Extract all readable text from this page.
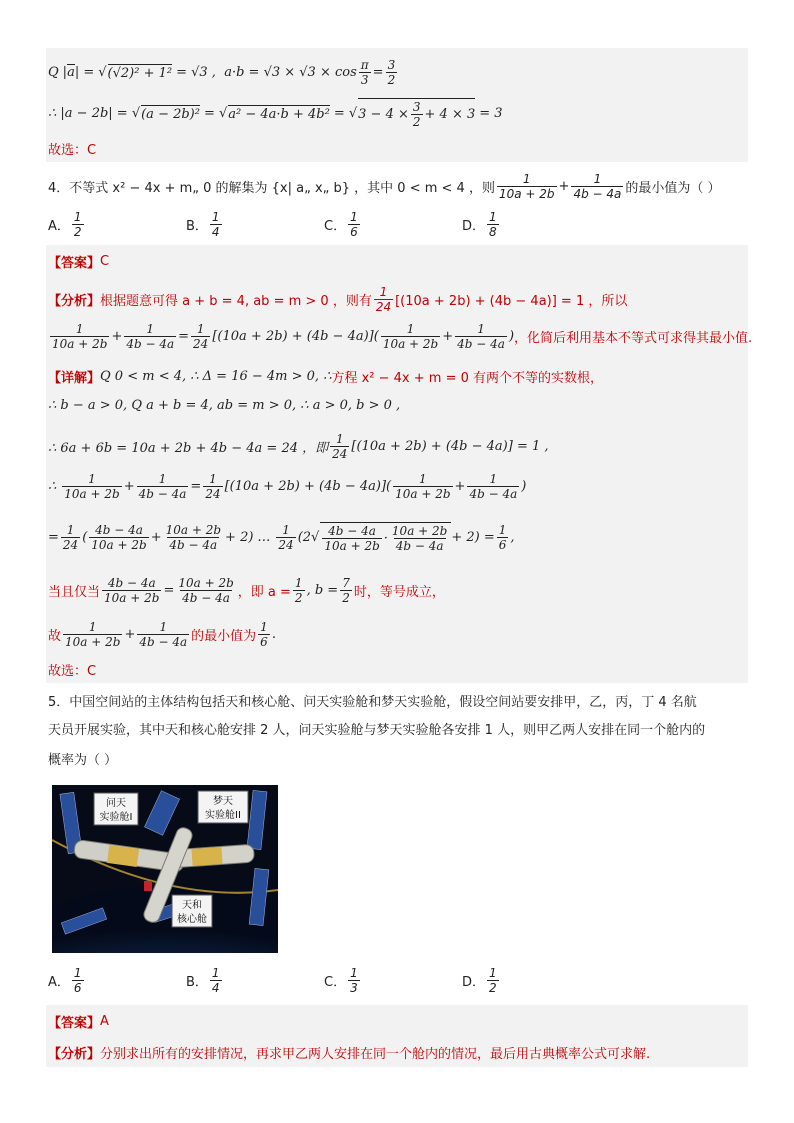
Q |a| = √ (√2)² + 1² = √3 ,  $a\cdot b = √3 \times √3 \times \cos \frac{\pi}{3} = \frac{3}{2}$
∴ |a − 2b| = √ (a − 2b)² = √ a² − 4a·b + 4b² = √ $3 - 4 \times \frac{3}{2} + 4 \times 3 = 3$
故选：C
4．不等式 x² − 4x + m„ 0 的解集为 {x| a„ x„ b} ，其中 0 < m < 4 ，则 $\frac{1}{10a + 2b} + \frac{1}{4b - 4a}$ 的最小值为（ ）
A． $\frac{1}{2}$	B． $\frac{1}{4}$	C． $\frac{1}{6}$	D． $\frac{1}{8}$
【答案】 C
【分析】 根据题意可得 a + b = 4, ab = m > 0 ，则有 $\frac{1}{24} [(10a + 2b) + (4b - 4a)] = 1$ ，所以
$\frac{1}{10a + 2b} + \frac{1}{4b - 4a} = \frac{1}{24} [(10a + 2b) + (4b - 4a)]$ ( $\frac{1}{10a + 2b} + \frac{1}{4b - 4a}$ ) ，化简后利用基本不等式可求得其最小值.
【详解】 Q 0 < m < 4, ∴ Δ = 16 − 4m > 0, ∴ 方程 x² − 4x + m = 0 有两个不等的实数根，
∴ b − a > 0, Q a + b = 4, ab = m > 0, ∴ a > 0, b > 0 ,
∴ 6a + 6b = 10a + 2b + 4b − 4a = 24 ，即 $\frac{1}{24} [(10a + 2b) + (4b - 4a)] = 1$ ,
∴ $\frac{1}{10a + 2b} + \frac{1}{4b - 4a} = \frac{1}{24} [(10a + 2b) + (4b - 4a)]$ ( $\frac{1}{10a + 2b} + \frac{1}{4b - 4a}$ )
= $\frac{1}{24}$ ( $\frac{4b - 4a}{10a + 2b} + \frac{10a + 2b}{4b - 4a} + 2$) … $\frac{1}{24} (2√ \frac{4b - 4a}{10a + 2b} \cdot \frac{10a + 2b}{4b - 4a} + 2) = \frac{1}{6}$ ,
当且仅当 $\frac{4b - 4a}{10a + 2b} = \frac{10a + 2b}{4b - 4a}$ ，即 $a = \frac{1}{2}$ , $b = \frac{7}{2}$ 时，等号成立，
故 $\frac{1}{10a + 2b} + \frac{1}{4b - 4a}$ 的最小值为 $\frac{1}{6}$ .
故选：C
5．中国空间站的主体结构包括天和核心舱、问天实验舱和梦天实验舱，假设空间站要安排甲，乙，丙，丁 4 名航
天员开展实验，其中天和核心舱安排 2 人，问天实验舱与梦天实验舱各安排 1 人，则甲乙两人安排在同一个舱内的
概率为（ ）
问天
实验舱I
梦天
实验舱II
天和
核心舱
A． $\frac{1}{6}$	B． $\frac{1}{4}$	C． $\frac{1}{3}$	D． $\frac{1}{2}$
【答案】 A
【分析】 分别求出所有的安排情况，再求甲乙两人安排在同一个舱内的情况，最后用古典概率公式可求解.
